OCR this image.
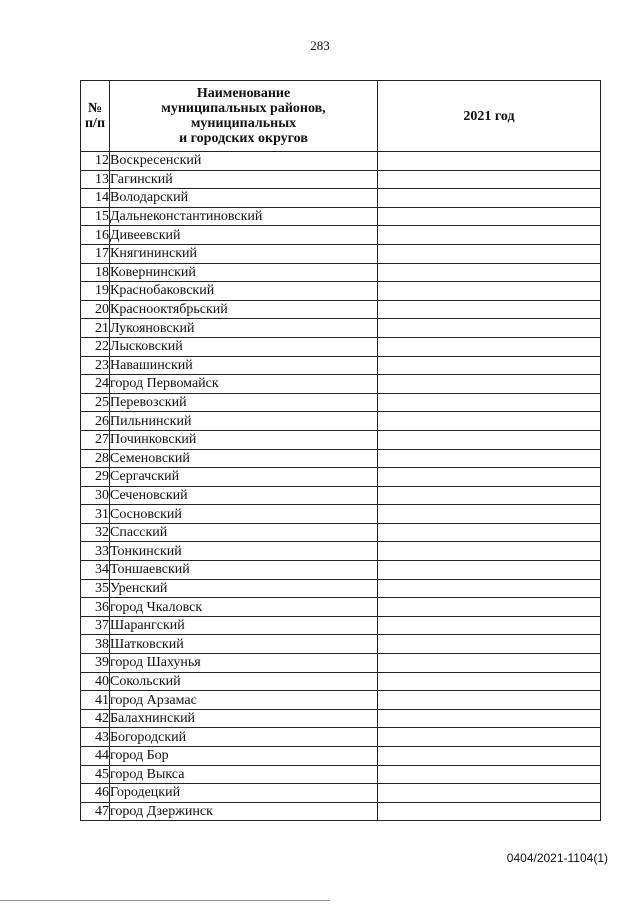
283
№
п/п	Наименование
муниципальных районов,
муниципальных
и городских округов	2021 год
12	Воскресенский	
13	Гагинский	
14	Володарский	
15	Дальнеконстантиновский	
16	Дивеевский	
17	Княгининский	
18	Ковернинский	
19	Краснобаковский	
20	Краснооктябрьский	
21	Лукояновский	
22	Лысковский	
23	Навашинский	
24	город Первомайск	
25	Перевозский	
26	Пильнинский	
27	Починковский	
28	Семеновский	
29	Сергачский	
30	Сеченовский	
31	Сосновский	
32	Спасский	
33	Тонкинский	
34	Тоншаевский	
35	Уренский	
36	город Чкаловск	
37	Шарангский	
38	Шатковский	
39	город Шахунья	
40	Сокольский	
41	город Арзамас	
42	Балахнинский	
43	Богородский	
44	город Бор	
45	город Выкса	
46	Городецкий	
47	город Дзержинск	
0404/2021-1104(1)
